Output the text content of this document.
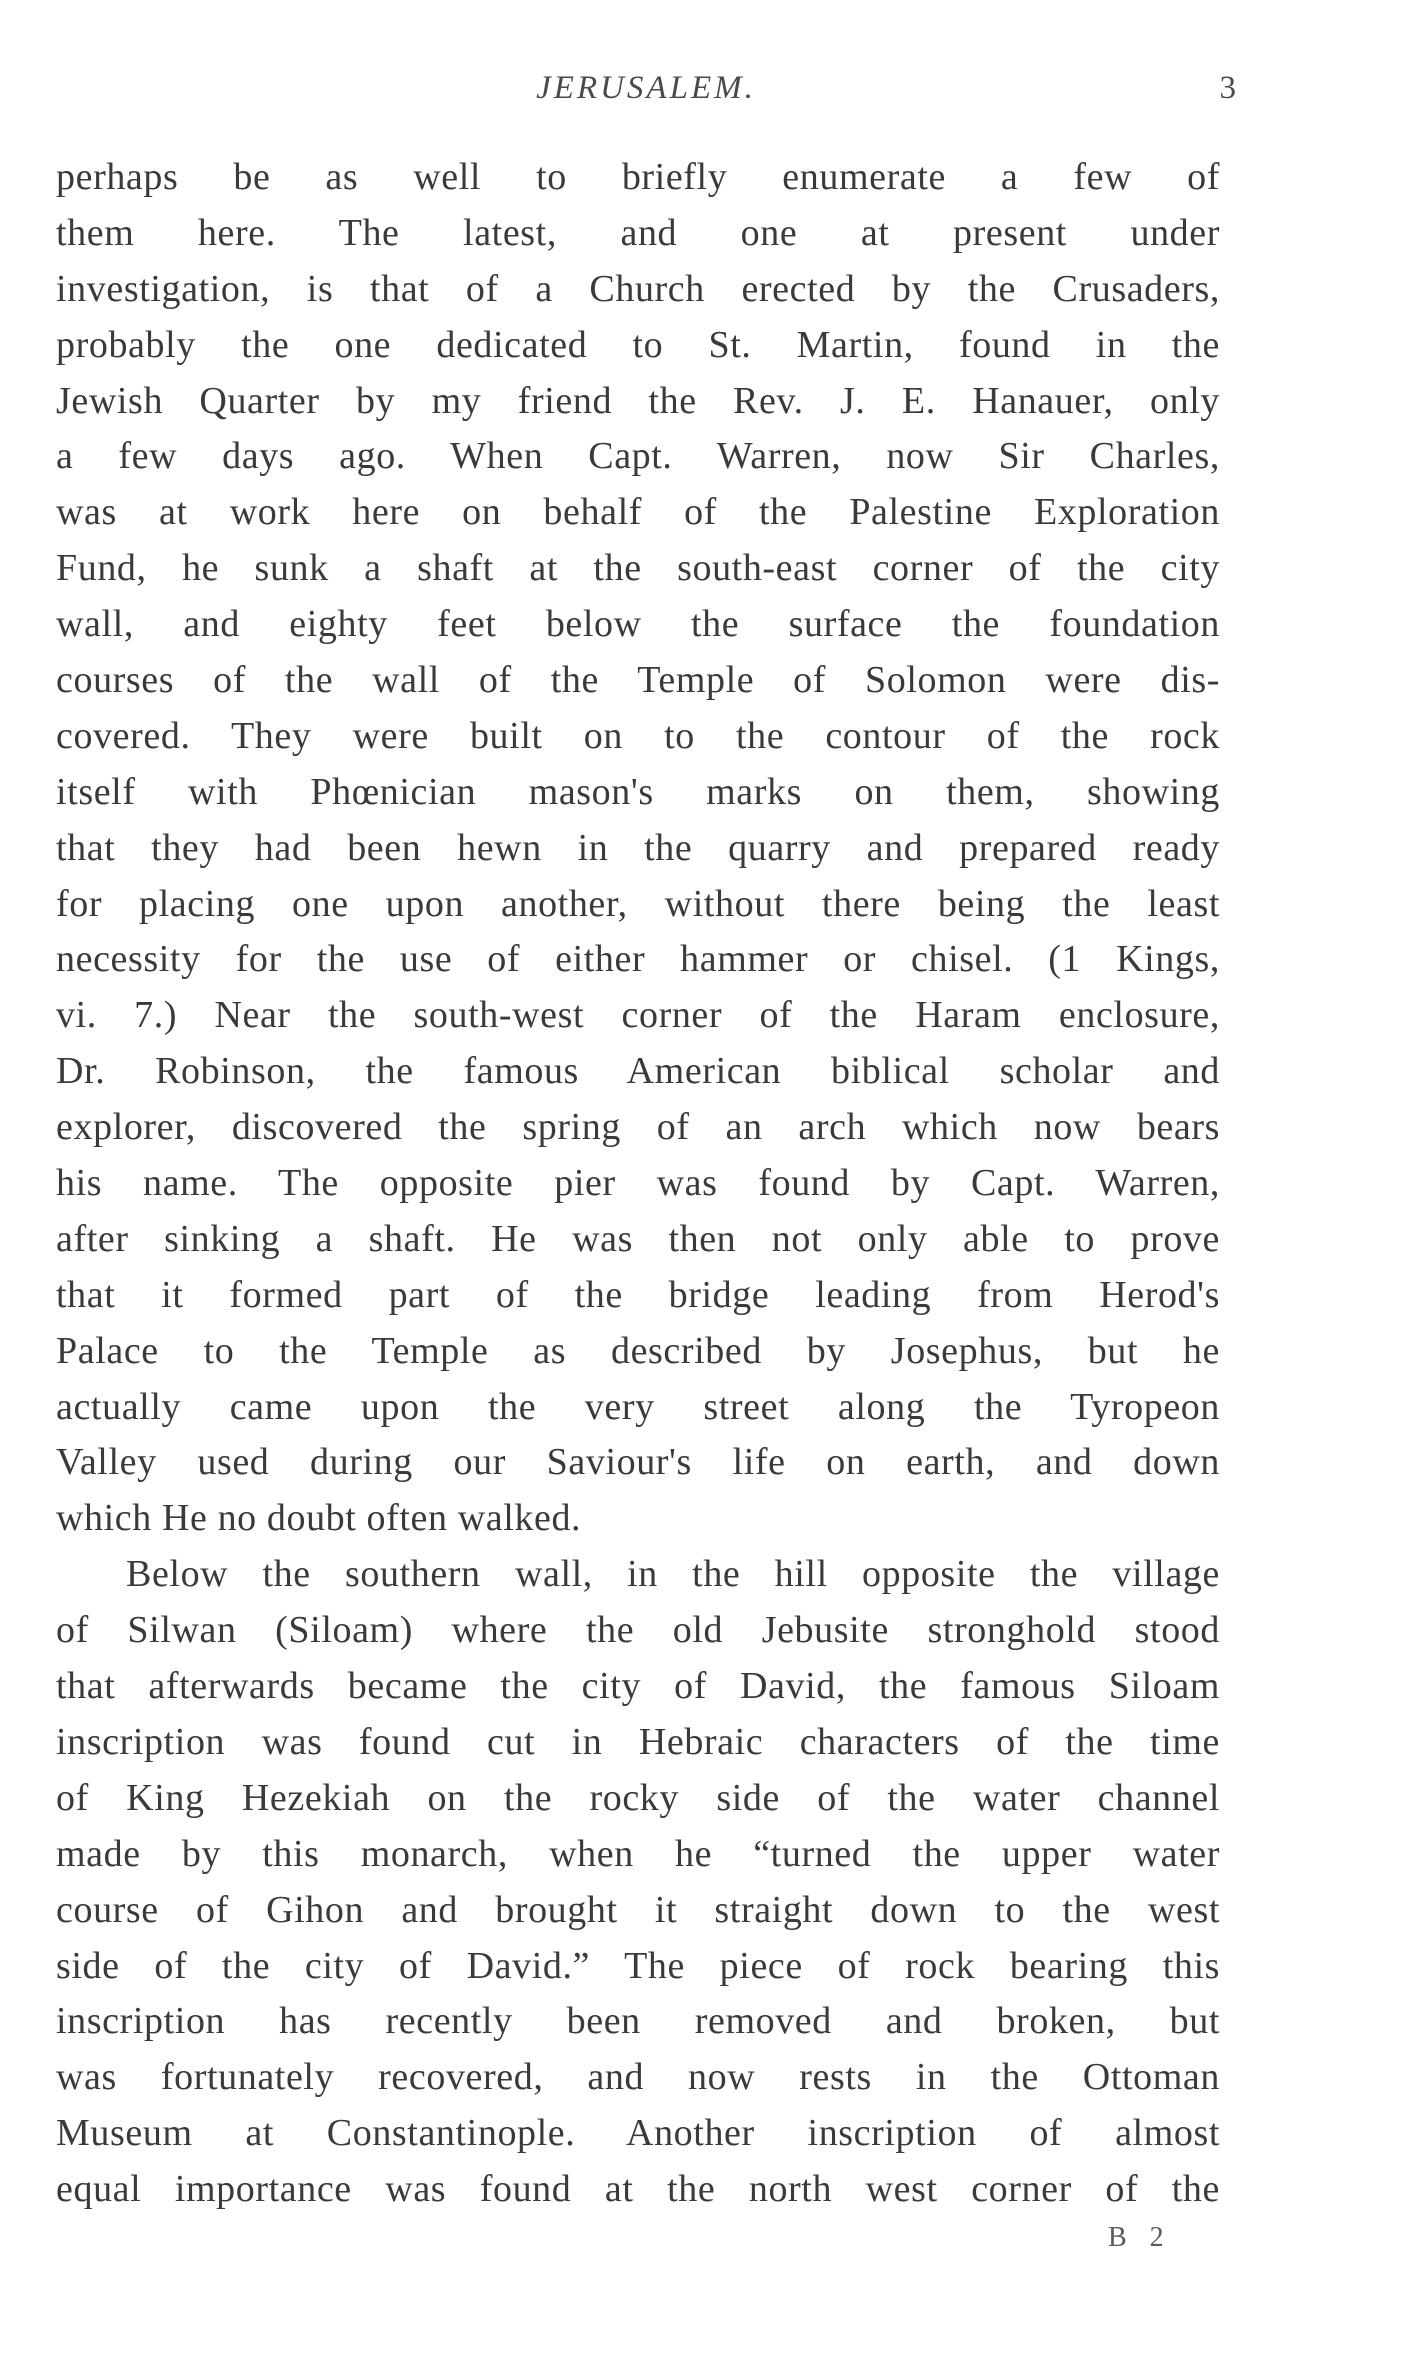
JERUSALEM.	3
perhaps be as well to briefly enumerate a few of
them here. The latest, and one at present under
investigation, is that of a Church erected by the Crusaders,
probably the one dedicated to St. Martin, found in the
Jewish Quarter by my friend the Rev. J. E. Hanauer, only
a few days ago. When Capt. Warren, now Sir Charles,
was at work here on behalf of the Palestine Exploration
Fund, he sunk a shaft at the south-east corner of the city
wall, and eighty feet below the surface the foundation
courses of the wall of the Temple of Solomon were dis-
covered. They were built on to the contour of the rock
itself with Phœnician mason's marks on them, showing
that they had been hewn in the quarry and prepared ready
for placing one upon another, without there being the least
necessity for the use of either hammer or chisel. (1 Kings,
vi. 7.) Near the south-west corner of the Haram enclosure,
Dr. Robinson, the famous American biblical scholar and
explorer, discovered the spring of an arch which now bears
his name. The opposite pier was found by Capt. Warren,
after sinking a shaft. He was then not only able to prove
that it formed part of the bridge leading from Herod's
Palace to the Temple as described by Josephus, but he
actually came upon the very street along the Tyropeon
Valley used during our Saviour's life on earth, and down
which He no doubt often walked.
Below the southern wall, in the hill opposite the village
of Silwan (Siloam) where the old Jebusite stronghold stood
that afterwards became the city of David, the famous Siloam
inscription was found cut in Hebraic characters of the time
of King Hezekiah on the rocky side of the water channel
made by this monarch, when he “turned the upper water
course of Gihon and brought it straight down to the west
side of the city of David.” The piece of rock bearing this
inscription has recently been removed and broken, but
was fortunately recovered, and now rests in the Ottoman
Museum at Constantinople. Another inscription of almost
equal importance was found at the north west corner of the
B 2
